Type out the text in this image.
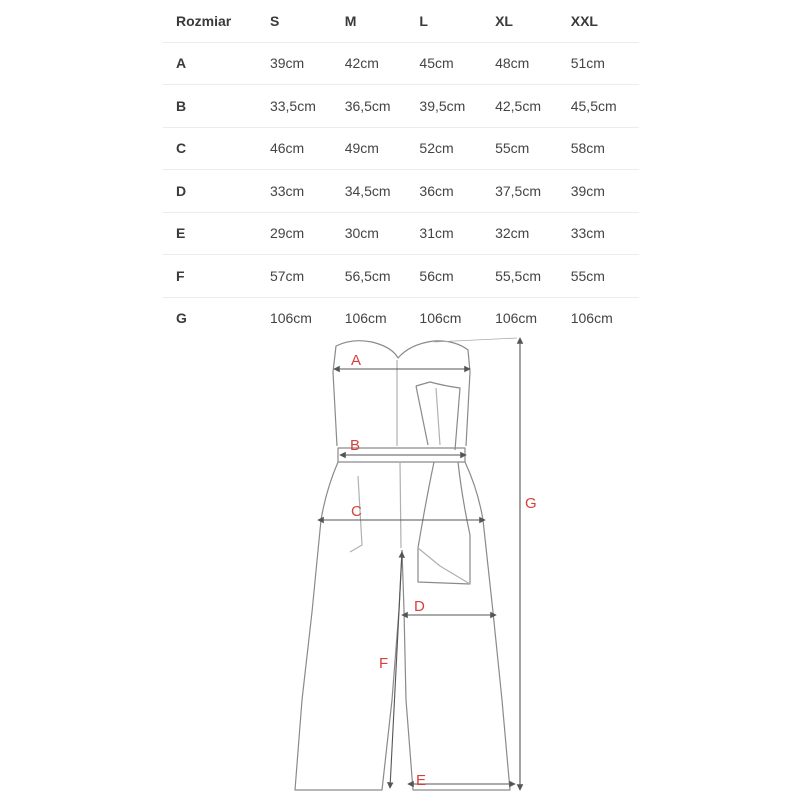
Rozmiar	S	M	L	XL	XXL
A	39cm	42cm	45cm	48cm	51cm
B	33,5cm	36,5cm	39,5cm	42,5cm	45,5cm
C	46cm	49cm	52cm	55cm	58cm
D	33cm	34,5cm	36cm	37,5cm	39cm
E	29cm	30cm	31cm	32cm	33cm
F	57cm	56,5cm	56cm	55,5cm	55cm
G	106cm	106cm	106cm	106cm	106cm
A
B
C
D
E
F
G
